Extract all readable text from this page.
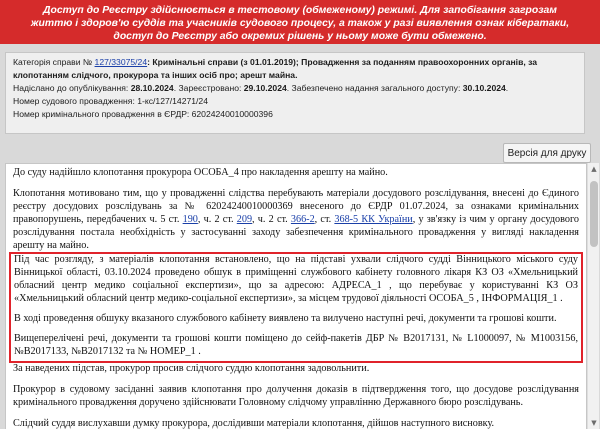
Доступ до Реєстру здійснюється в тестовому (обмеженому) режимі. Для запобігання загрозам життю і здоров'ю суддів та учасників судового процесу, а також у разі виявлення ознак кібератаки, доступ до Реєстру або окремих рішень у ньому може бути обмежено.
Категорія справи № 127/33075/24: Кримінальні справи (з 01.01.2019); Провадження за поданням правоохоронних органів, за клопотанням слідчого, прокурора та інших осіб про; арешт майна.
Надіслано до опублікування: 28.10.2024. Зареєстровано: 29.10.2024. Забезпечено надання загального доступу: 30.10.2024.
Номер судового провадження: 1-кс/127/14271/24
Номер кримінального провадження в ЄРДР: 62024240010000396
Версія для друку

До суду надійшло клопотання прокурора ОСОБА_4 про накладення арешту на майно.

Клопотання мотивовано тим, що у провадженні слідства перебувають матеріали досудового розслідування, внесені до Єдиного реєстру досудових розслідувань за № 62024240010000369 внесеного до ЄРДР 01.07.2024, за ознаками кримінальних правопорушень, передбачених ч. 5 ст. 190, ч. 2 ст. 209, ч. 2 ст. 366-2, ст. 368-5 КК України, у зв'язку із чим у органу досудового розслідування постала необхідність у застосуванні заходу забезпечення кримінального провадження у вигляді накладення арешту на майно.

Під час розгляду, з матеріалів клопотання встановлено, що на підставі ухвали слідчого судді Вінницького міського суду Вінницької області, 03.10.2024 проведено обшук в приміщенні службового кабінету головного лікаря КЗ ОЗ «Хмельницький обласний центр медико соціальної експертизи», що за адресою: АДРЕСА_1 , що перебуває у користуванні КЗ ОЗ «Хмельницький обласний центр медико-соціальної експертизи», за місцем трудової діяльності ОСОБА_5 , ІНФОРМАЦІЯ_1 .

В ході проведення обшуку вказаного службового кабінету виявлено та вилучено наступні речі, документи та грошові кошти.

Вищеперелічені речі, документи та грошові кошти поміщено до сейф-пакетів ДБР № В2017131, № L1000097, № М1003156, №В2017133, №В2017132 та № НОМЕР_1 .

За наведених підстав, прокурор просив слідчого суддю клопотання задовольнити.

Прокурор в судовому засіданні заявив клопотання про долучення доказів в підтвердження того, що досудове розслідування кримінального провадження доручено здійснювати Головному слідчому управлінню Державного бюро розслідувань.

Слідчий суддя вислухавши думку прокурора, дослідивши матеріали клопотання, дійшов наступного висновку.

▲
▼
